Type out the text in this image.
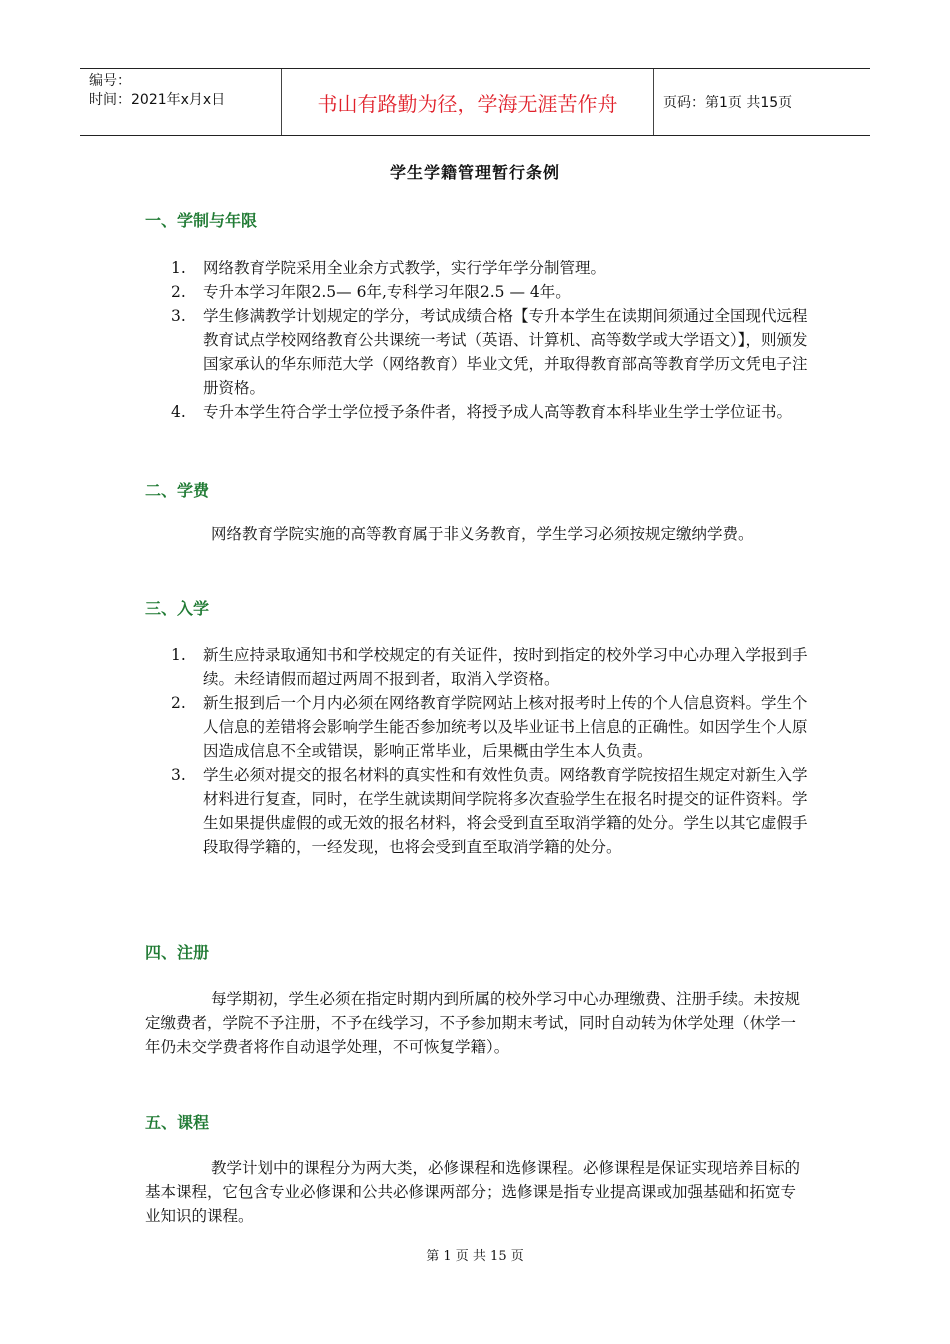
编号：
时间：2021年x月x日	书山有路勤为径，学海无涯苦作舟	页码：第1页 共15页
学生学籍管理暂行条例
一、学制与年限
1. 网络教育学院采用全业余方式教学，实行学年学分制管理。
2. 专升本学习年限2.5— 6年,专科学习年限2.5 — 4年。
3. 学生修满教学计划规定的学分，考试成绩合格【专升本学生在读期间须通过全国现代远程教育试点学校网络教育公共课统一考试（英语、计算机、高等数学或大学语文）】，则颁发国家承认的华东师范大学（网络教育）毕业文凭，并取得教育部高等教育学历文凭电子注册资格。
4. 专升本学生符合学士学位授予条件者，将授予成人高等教育本科毕业生学士学位证书。
二、学费

网络教育学院实施的高等教育属于非义务教育，学生学习必须按规定缴纳学费。

三、入学
1. 新生应持录取通知书和学校规定的有关证件，按时到指定的校外学习中心办理入学报到手续。未经请假而超过两周不报到者，取消入学资格。
2. 新生报到后一个月内必须在网络教育学院网站上核对报考时上传的个人信息资料。学生个人信息的差错将会影响学生能否参加统考以及毕业证书上信息的正确性。如因学生个人原因造成信息不全或错误，影响正常毕业，后果概由学生本人负责。
3. 学生必须对提交的报名材料的真实性和有效性负责。网络教育学院按招生规定对新生入学材料进行复查，同时，在学生就读期间学院将多次查验学生在报名时提交的证件资料。学生如果提供虚假的或无效的报名材料，将会受到直至取消学籍的处分。学生以其它虚假手段取得学籍的，一经发现，也将会受到直至取消学籍的处分。
四、注册

每学期初，学生必须在指定时期内到所属的校外学习中心办理缴费、注册手续。未按规定缴费者，学院不予注册，不予在线学习，不予参加期末考试，同时自动转为休学处理（休学一年仍未交学费者将作自动退学处理，不可恢复学籍）。

五、课程

教学计划中的课程分为两大类，必修课程和选修课程。必修课程是保证实现培养目标的基本课程，它包含专业必修课和公共必修课两部分；选修课是指专业提高课或加强基础和拓宽专业知识的课程。

第 1 页 共 15 页
